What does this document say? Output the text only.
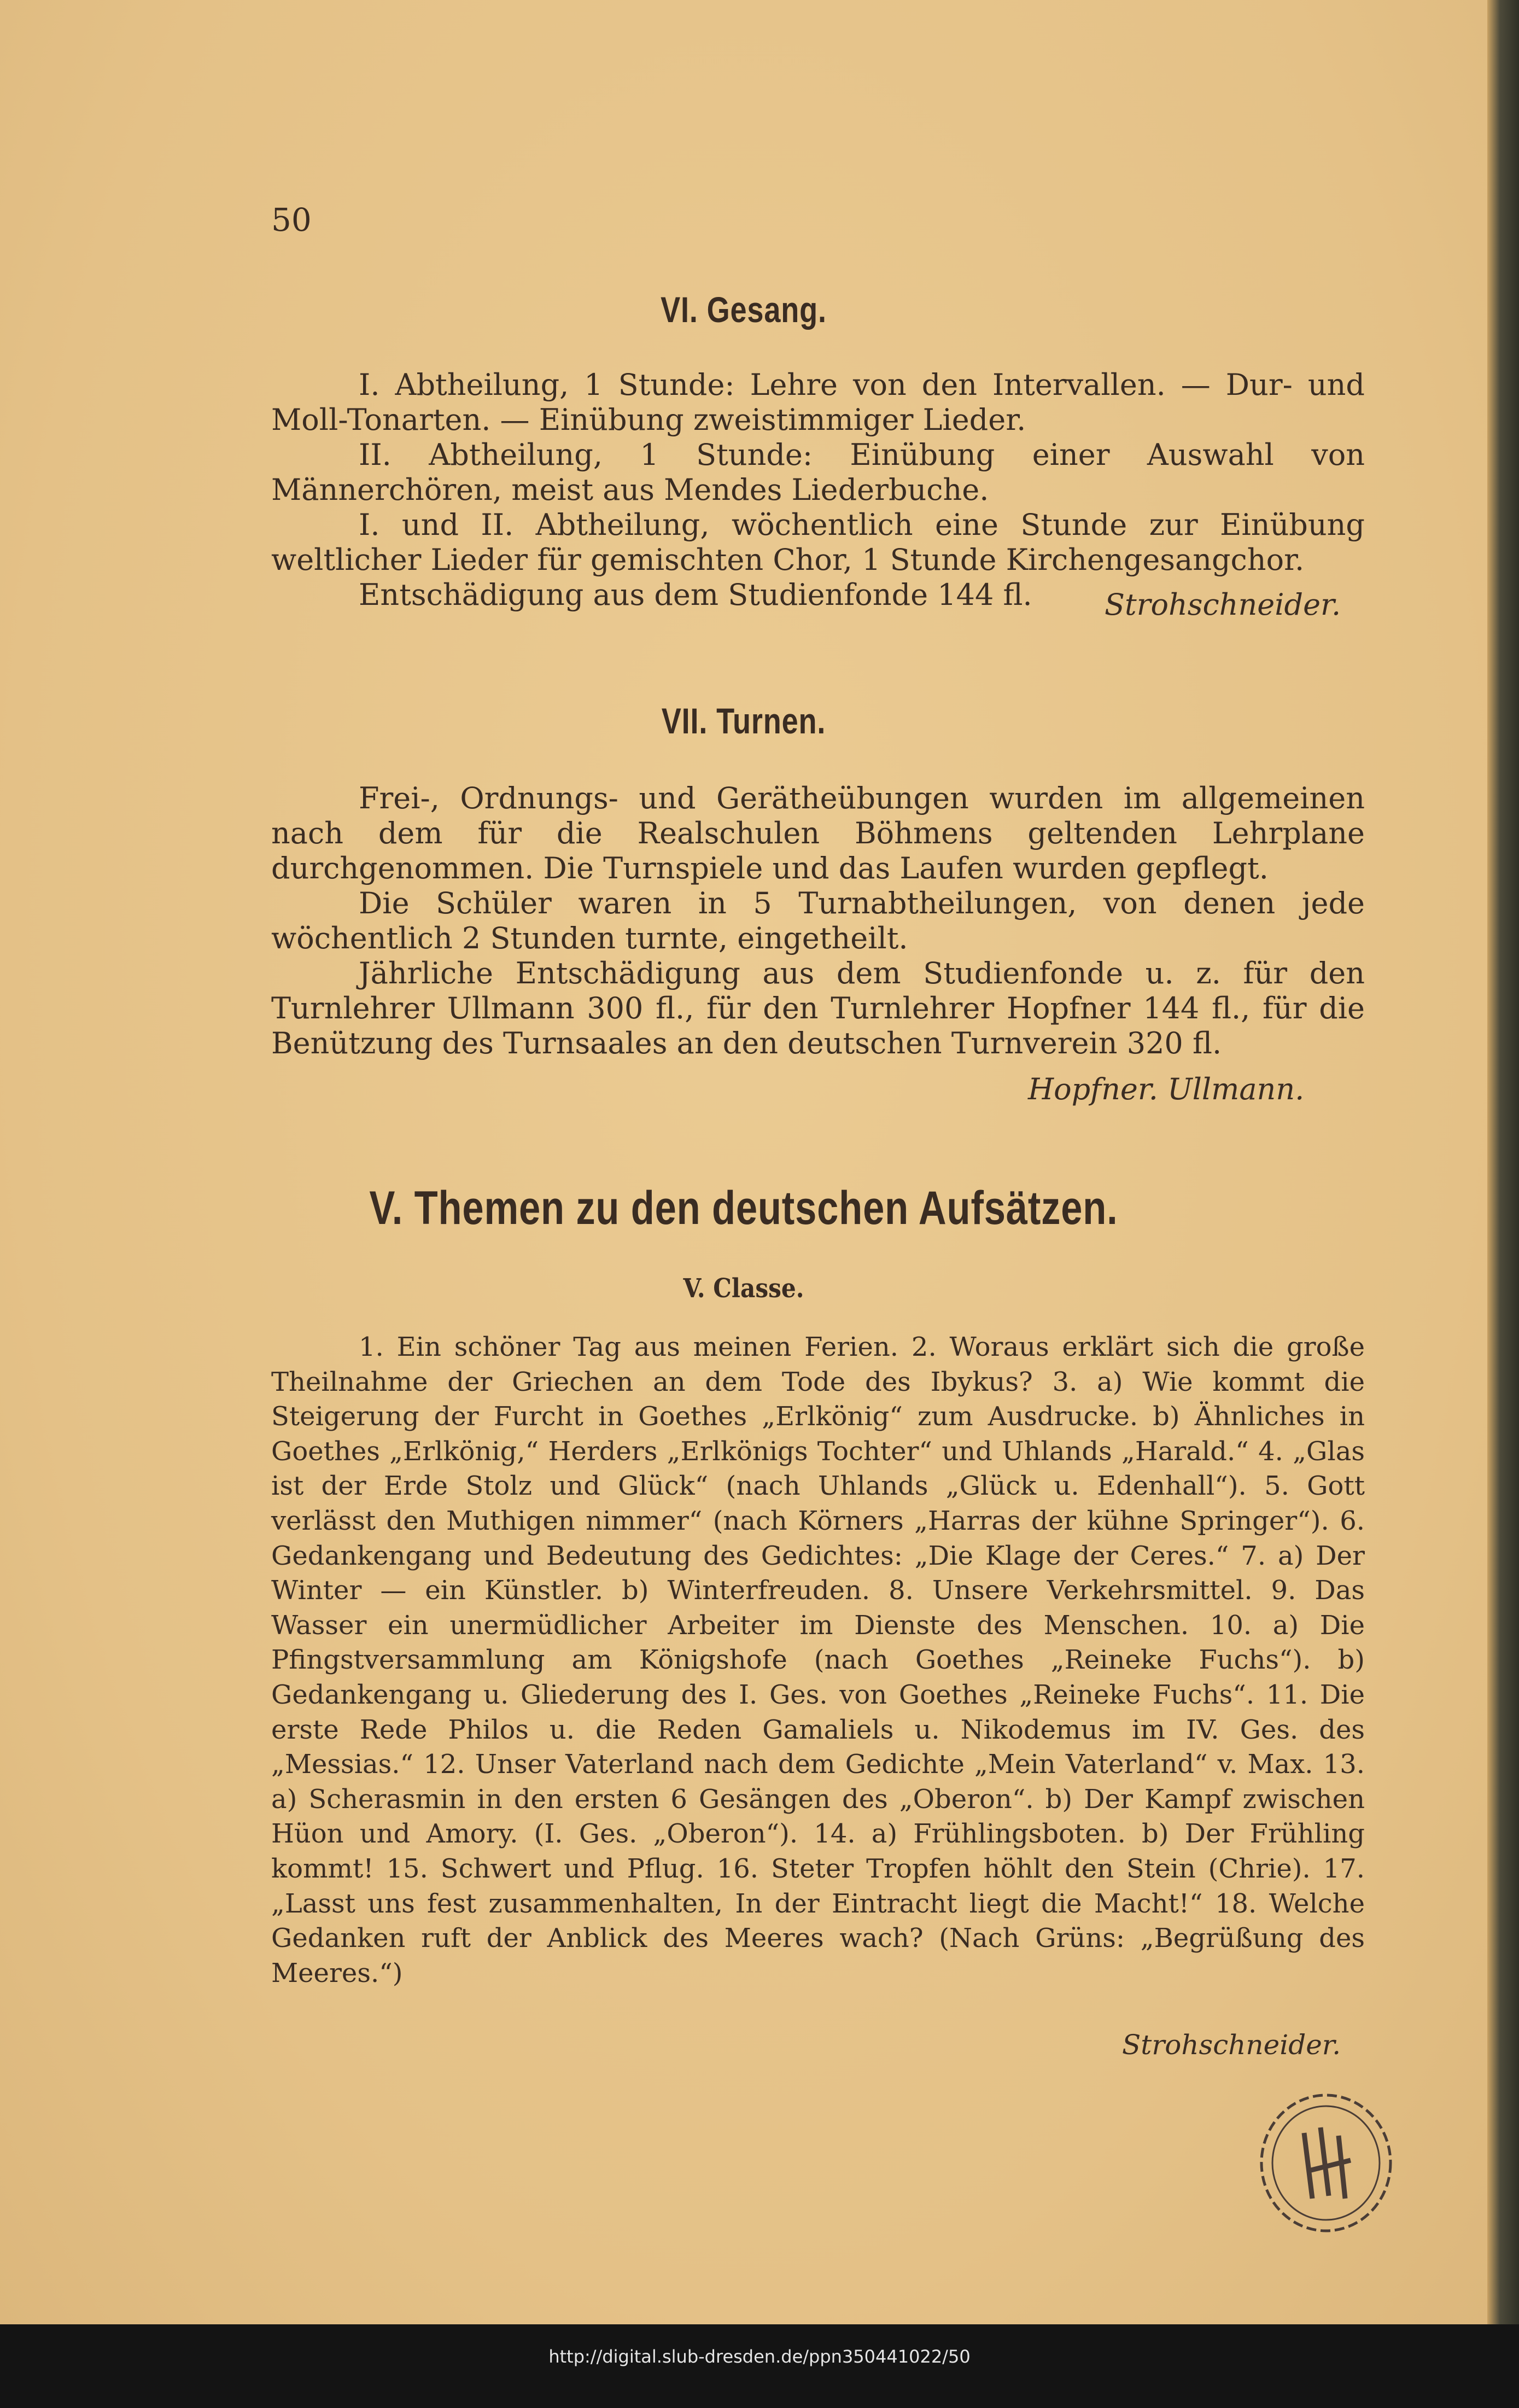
50
VI. Gesang.

I. Abtheilung, 1 Stunde: Lehre von den Intervallen. — Dur- und Moll-Tonarten. — Einübung zweistimmiger Lieder.

II. Abtheilung, 1 Stunde: Einübung einer Auswahl von Männerchören, meist aus Mendes Liederbuche.

I. und II. Abtheilung, wöchentlich eine Stunde zur Einübung weltlicher Lieder für gemischten Chor, 1 Stunde Kirchengesangchor.

Entschädigung aus dem Studienfonde 144 fl.	Strohschneider.
VII. Turnen.

Frei-, Ordnungs- und Gerätheübungen wurden im allgemeinen nach dem für die Realschulen Böhmens geltenden Lehrplane durchgenommen. Die Turnspiele und das Laufen wurden gepflegt.

Die Schüler waren in 5 Turnabtheilungen, von denen jede wöchentlich 2 Stunden turnte, eingetheilt.

Jährliche Entschädigung aus dem Studienfonde u. z. für den Turnlehrer Ullmann 300 fl., für den Turnlehrer Hopfner 144 fl., für die Benützung des Turnsaales an den deutschen Turnverein 320 fl.

Hopfner. Ullmann.
V. Themen zu den deutschen Aufsätzen.
V. Classe.

1. Ein schöner Tag aus meinen Ferien. 2. Woraus erklärt sich die große Theilnahme der Griechen an dem Tode des Ibykus? 3. a) Wie kommt die Steigerung der Furcht in Goethes „Erlkönig“ zum Ausdrucke. b) Ähnliches in Goethes „Erlkönig,“ Herders „Erlkönigs Tochter“ und Uhlands „Harald.“ 4. „Glas ist der Erde Stolz und Glück“ (nach Uhlands „Glück u. Edenhall“). 5. Gott verlässt den Muthigen nimmer“ (nach Körners „Harras der kühne Springer“). 6. Gedankengang und Bedeutung des Gedichtes: „Die Klage der Ceres.“ 7. a) Der Winter — ein Künstler. b) Winterfreuden. 8. Unsere Verkehrsmittel. 9. Das Wasser ein unermüdlicher Arbeiter im Dienste des Menschen. 10. a) Die Pfingstversammlung am Königshofe (nach Goethes „Reineke Fuchs“). b) Gedankengang u. Gliederung des I. Ges. von Goethes „Reineke Fuchs“. 11. Die erste Rede Philos u. die Reden Gamaliels u. Nikodemus im IV. Ges. des „Messias.“ 12. Unser Vaterland nach dem Gedichte „Mein Vaterland“ v. Max. 13. a) Scherasmin in den ersten 6 Gesängen des „Oberon“. b) Der Kampf zwischen Hüon und Amory. (I. Ges. „Oberon“). 14. a) Frühlingsboten. b) Der Frühling kommt! 15. Schwert und Pflug. 16. Steter Tropfen höhlt den Stein (Chrie). 17. „Lasst uns fest zusammenhalten, In der Eintracht liegt die Macht!“ 18. Welche Gedanken ruft der Anblick des Meeres wach? (Nach Grüns: „Begrüßung des Meeres.“)

Strohschneider.
http://digital.slub-dresden.de/ppn350441022/50
